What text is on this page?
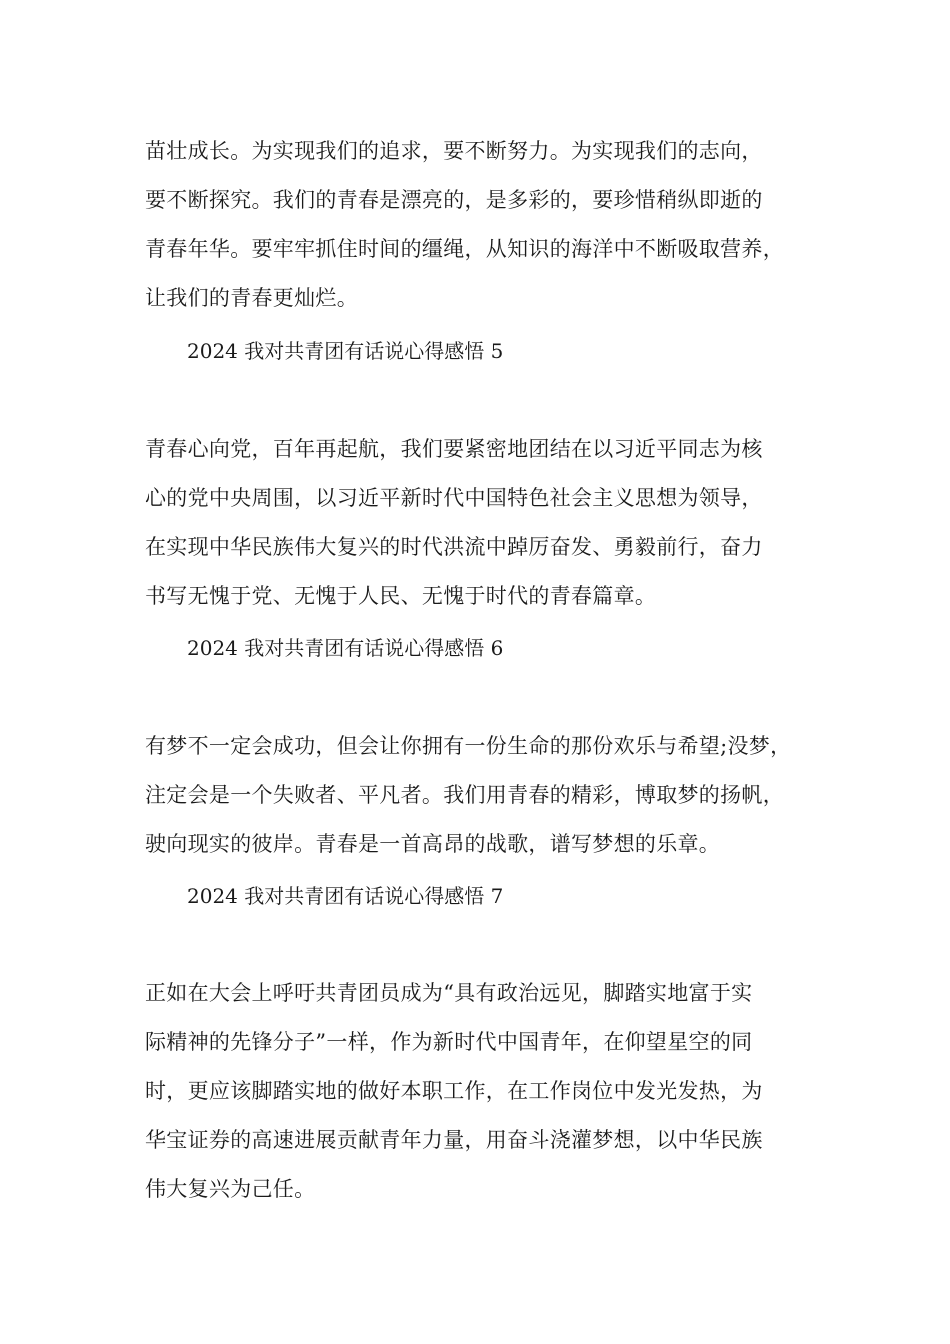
苗壮成长。为实现我们的追求，要不断努力。为实现我们的志向，
要不断探究。我们的青春是漂亮的，是多彩的，要珍惜稍纵即逝的
青春年华。要牢牢抓住时间的缰绳，从知识的海洋中不断吸取营养，
让我们的青春更灿烂。
2024 我对共青团有话说心得感悟 5
青春心向党，百年再起航，我们要紧密地团结在以习近平同志为核
心的党中央周围，以习近平新时代中国特色社会主义思想为领导，
在实现中华民族伟大复兴的时代洪流中踔厉奋发、勇毅前行，奋力
书写无愧于党、无愧于人民、无愧于时代的青春篇章。
2024 我对共青团有话说心得感悟 6
有梦不一定会成功，但会让你拥有一份生命的那份欢乐与希望;没梦，
注定会是一个失败者、平凡者。我们用青春的精彩，博取梦的扬帆，
驶向现实的彼岸。青春是一首高昂的战歌，谱写梦想的乐章。
2024 我对共青团有话说心得感悟 7
正如在大会上呼吁共青团员成为“具有政治远见，脚踏实地富于实
际精神的先锋分子”一样，作为新时代中国青年，在仰望星空的同
时，更应该脚踏实地的做好本职工作，在工作岗位中发光发热，为
华宝证券的高速进展贡献青年力量，用奋斗浇灌梦想，以中华民族
伟大复兴为己任。
